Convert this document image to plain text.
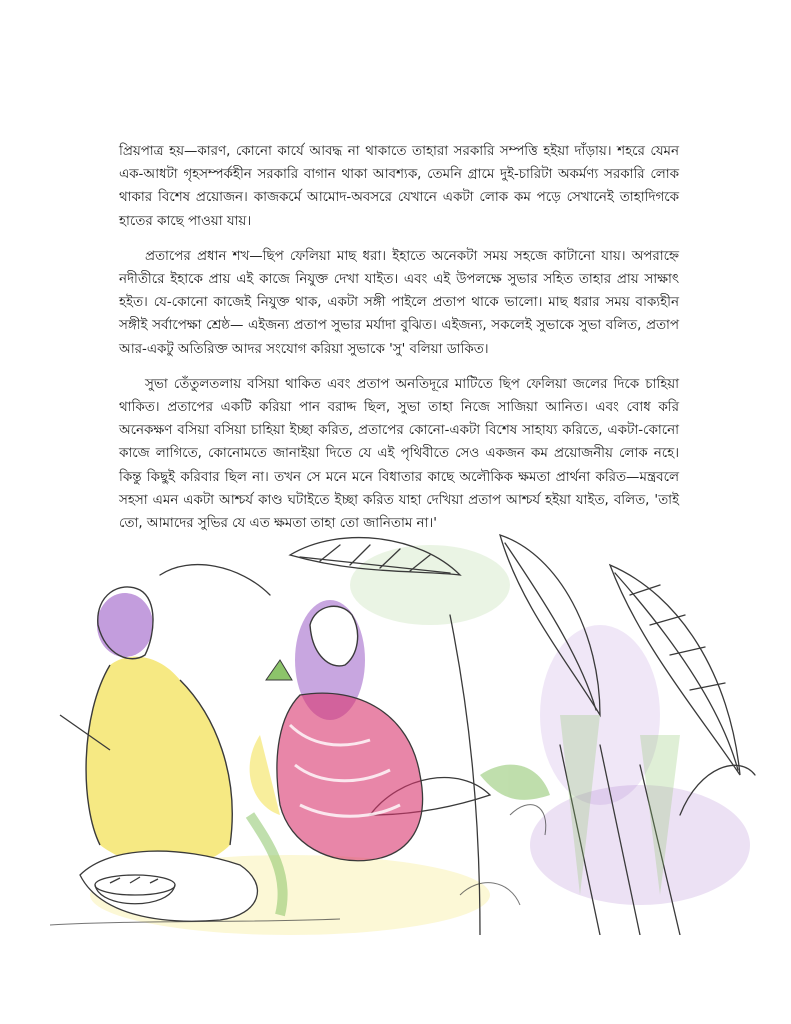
প্রিয়পাত্র হয়—কারণ, কোনো কার্যে আবদ্ধ না থাকাতে তাহারা সরকারি সম্পত্তি হইয়া দাঁড়ায়। শহরে যেমন এক-আধটা গৃহসম্পর্কহীন সরকারি বাগান থাকা আবশ্যক, তেমনি গ্রামে দুই-চারিটা অকর্মণ্য সরকারি লোক থাকার বিশেষ প্রয়োজন। কাজকর্মে আমোদ-অবসরে যেখানে একটা লোক কম পড়ে সেখানেই তাহাদিগকে হাতের কাছে পাওয়া যায়।

প্রতাপের প্রধান শখ—ছিপ ফেলিয়া মাছ ধরা। ইহাতে অনেকটা সময় সহজে কাটানো যায়। অপরাহ্নে নদীতীরে ইহাকে প্রায় এই কাজে নিযুক্ত দেখা যাইত। এবং এই উপলক্ষে সুভার সহিত তাহার প্রায় সাক্ষাৎ হইত। যে-কোনো কাজেই নিযুক্ত থাক, একটা সঙ্গী পাইলে প্রতাপ থাকে ভালো। মাছ ধরার সময় বাক্যহীন সঙ্গীই সর্বাপেক্ষা শ্রেষ্ঠ— এইজন্য প্রতাপ সুভার মর্যাদা বুঝিত। এইজন্য, সকলেই সুভাকে সুভা বলিত, প্রতাপ আর-একটু অতিরিক্ত আদর সংযোগ করিয়া সুভাকে 'সু' বলিয়া ডাকিত।

সুভা তেঁতুলতলায় বসিয়া থাকিত এবং প্রতাপ অনতিদূরে মাটিতে ছিপ ফেলিয়া জলের দিকে চাহিয়া থাকিত। প্রতাপের একটি করিয়া পান বরাদ্দ ছিল, সুভা তাহা নিজে সাজিয়া আনিত। এবং বোধ করি অনেকক্ষণ বসিয়া বসিয়া চাহিয়া ইচ্ছা করিত, প্রতাপের কোনো-একটা বিশেষ সাহায্য করিতে, একটা-কোনো কাজে লাগিতে, কোনোমতে জানাইয়া দিতে যে এই পৃথিবীতে সেও একজন কম প্রয়োজনীয় লোক নহে। কিন্তু কিছুই করিবার ছিল না। তখন সে মনে মনে বিধাতার কাছে অলৌকিক ক্ষমতা প্রার্থনা করিত—মন্ত্রবলে সহসা এমন একটা আশ্চর্য কাণ্ড ঘটাইতে ইচ্ছা করিত যাহা দেখিয়া প্রতাপ আশ্চর্য হইয়া যাইত, বলিত, 'তাই তো, আমাদের সুভির যে এত ক্ষমতা তাহা তো জানিতাম না।'
